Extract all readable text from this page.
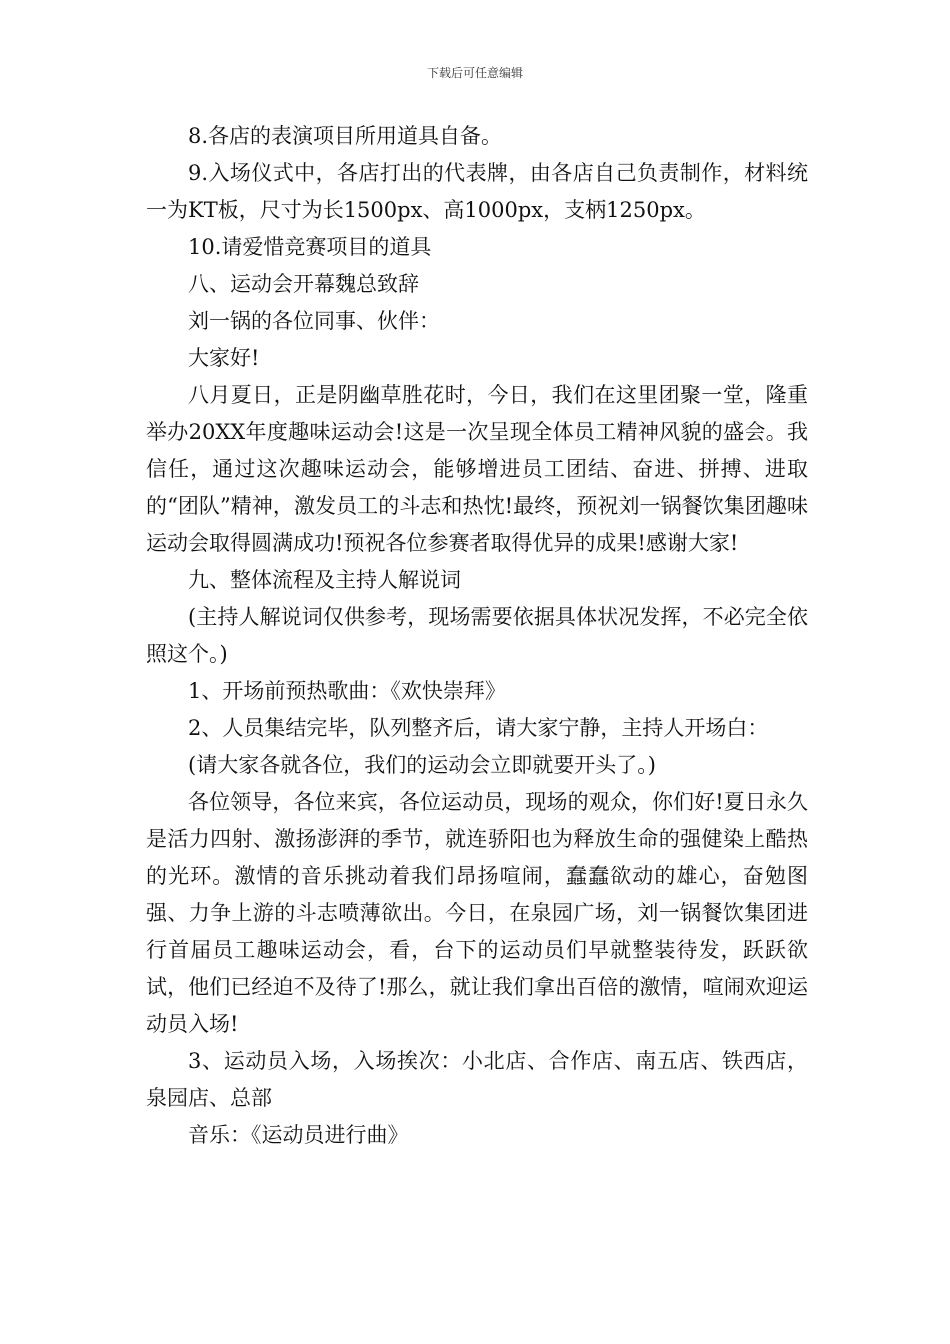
下载后可任意编辑

8.各店的表演项目所用道具自备。

9.入场仪式中，各店打出的代表牌，由各店自己负责制作，材料统一为KT板，尺寸为长1500px、高1000px，支柄1250px。

10.请爱惜竞赛项目的道具

八、运动会开幕魏总致辞

刘一锅的各位同事、伙伴：

大家好!

八月夏日，正是阴幽草胜花时，今日，我们在这里团聚一堂，隆重举办20XX年度趣味运动会!这是一次呈现全体员工精神风貌的盛会。我信任，通过这次趣味运动会，能够增进员工团结、奋进、拼搏、进取的“团队”精神，激发员工的斗志和热忱!最终，预祝刘一锅餐饮集团趣味运动会取得圆满成功!预祝各位参赛者取得优异的成果!感谢大家!

九、整体流程及主持人解说词

(主持人解说词仅供参考，现场需要依据具体状况发挥，不必完全依照这个。)

1、开场前预热歌曲：《欢快崇拜》

2、人员集结完毕，队列整齐后，请大家宁静，主持人开场白：

(请大家各就各位，我们的运动会立即就要开头了。)

各位领导，各位来宾，各位运动员，现场的观众，你们好!夏日永久是活力四射、激扬澎湃的季节，就连骄阳也为释放生命的强健染上酷热的光环。激情的音乐挑动着我们昂扬喧闹，蠢蠢欲动的雄心，奋勉图强、力争上游的斗志喷薄欲出。今日，在泉园广场，刘一锅餐饮集团进行首届员工趣味运动会，看，台下的运动员们早就整装待发，跃跃欲试，他们已经迫不及待了!那么，就让我们拿出百倍的激情，喧闹欢迎运动员入场!

3、运动员入场，入场挨次：小北店、合作店、南五店、铁西店，泉园店、总部

音乐：《运动员进行曲》
